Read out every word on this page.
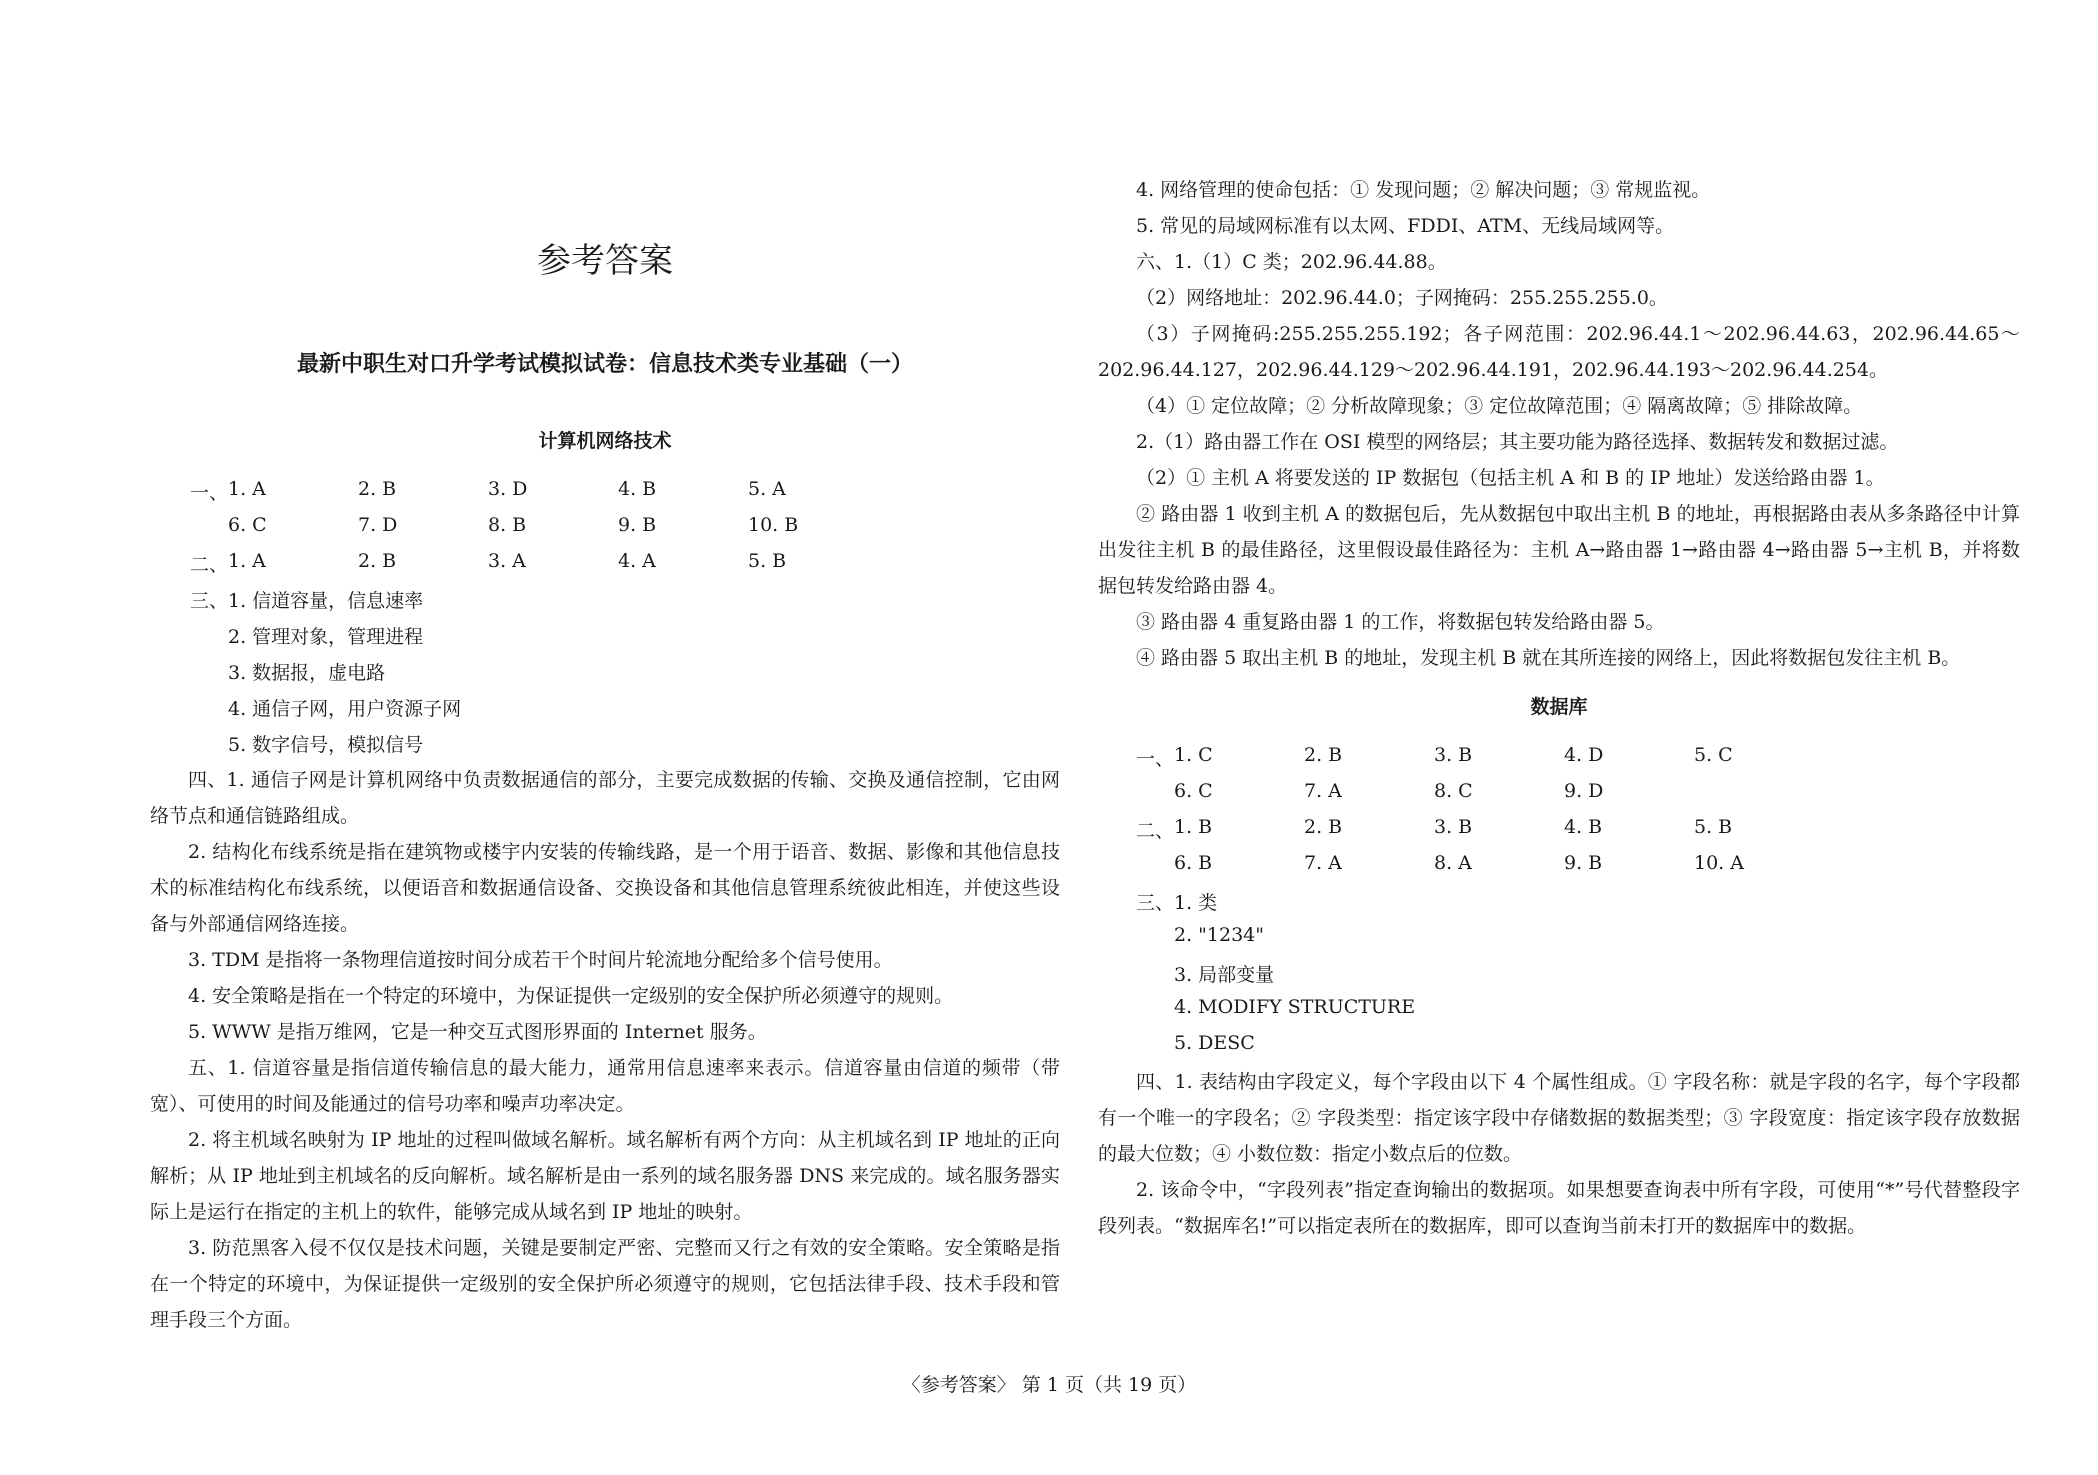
参考答案
最新中职生对口升学考试模拟试卷：信息技术类专业基础（一）
计算机网络技术
一、 1. A	2. B	3. D	4. B	5. A
6. C	7. D	8. B	9. B	10. B
二、 1. A	2. B	3. A	4. A	5. B
三、 1. 信道容量，信息速率
2. 管理对象，管理进程
3. 数据报，虚电路
4. 通信子网，用户资源子网
5. 数字信号，模拟信号

四、1. 通信子网是计算机网络中负责数据通信的部分，主要完成数据的传输、交换及通信控制，它由网络节点和通信链路组成。

2. 结构化布线系统是指在建筑物或楼宇内安装的传输线路，是一个用于语音、数据、影像和其他信息技术的标准结构化布线系统，以便语音和数据通信设备、交换设备和其他信息管理系统彼此相连，并使这些设备与外部通信网络连接。

3. TDM 是指将一条物理信道按时间分成若干个时间片轮流地分配给多个信号使用。

4. 安全策略是指在一个特定的环境中，为保证提供一定级别的安全保护所必须遵守的规则。

5. WWW 是指万维网，它是一种交互式图形界面的 Internet 服务。

五、1. 信道容量是指信道传输信息的最大能力，通常用信息速率来表示。信道容量由信道的频带（带宽）、可使用的时间及能通过的信号功率和噪声功率决定。

2. 将主机域名映射为 IP 地址的过程叫做域名解析。域名解析有两个方向：从主机域名到 IP 地址的正向解析；从 IP 地址到主机域名的反向解析。域名解析是由一系列的域名服务器 DNS 来完成的。域名服务器实际上是运行在指定的主机上的软件，能够完成从域名到 IP 地址的映射。

3. 防范黑客入侵不仅仅是技术问题，关键是要制定严密、完整而又行之有效的安全策略。安全策略是指在一个特定的环境中，为保证提供一定级别的安全保护所必须遵守的规则，它包括法律手段、技术手段和管理手段三个方面。

4. 网络管理的使命包括：① 发现问题；② 解决问题；③ 常规监视。

5. 常见的局域网标准有以太网、FDDI、ATM、无线局域网等。

六、1.（1）C 类；202.96.44.88。

（2）网络地址：202.96.44.0；子网掩码：255.255.255.0。

（3）子网掩码:255.255.255.192；各子网范围：202.96.44.1～202.96.44.63，202.96.44.65～202.96.44.127，202.96.44.129～202.96.44.191，202.96.44.193～202.96.44.254。

（4）① 定位故障；② 分析故障现象；③ 定位故障范围；④ 隔离故障；⑤ 排除故障。

2.（1）路由器工作在 OSI 模型的网络层；其主要功能为路径选择、数据转发和数据过滤。

（2）① 主机 A 将要发送的 IP 数据包（包括主机 A 和 B 的 IP 地址）发送给路由器 1。

② 路由器 1 收到主机 A 的数据包后，先从数据包中取出主机 B 的地址，再根据路由表从多条路径中计算出发往主机 B 的最佳路径，这里假设最佳路径为：主机 A→路由器 1→路由器 4→路由器 5→主机 B，并将数据包转发给路由器 4。

③ 路由器 4 重复路由器 1 的工作，将数据包转发给路由器 5。

④ 路由器 5 取出主机 B 的地址，发现主机 B 就在其所连接的网络上，因此将数据包发往主机 B。

数据库
一、 1. C	2. B	3. B	4. D	5. C
6. C	7. A	8. C	9. D
二、 1. B	2. B	3. B	4. B	5. B
6. B	7. A	8. A	9. B	10. A
三、 1. 类
2. "1234"
3. 局部变量
4. MODIFY STRUCTURE
5. DESC

四、1. 表结构由字段定义，每个字段由以下 4 个属性组成。① 字段名称：就是字段的名字，每个字段都有一个唯一的字段名；② 字段类型：指定该字段中存储数据的数据类型；③ 字段宽度：指定该字段存放数据的最大位数；④ 小数位数：指定小数点后的位数。

2. 该命令中，“字段列表”指定查询输出的数据项。如果想要查询表中所有字段，可使用“*”号代替整段字段列表。“数据库名!”可以指定表所在的数据库，即可以查询当前未打开的数据库中的数据。

〈参考答案〉 第 1 页（共 19 页）
